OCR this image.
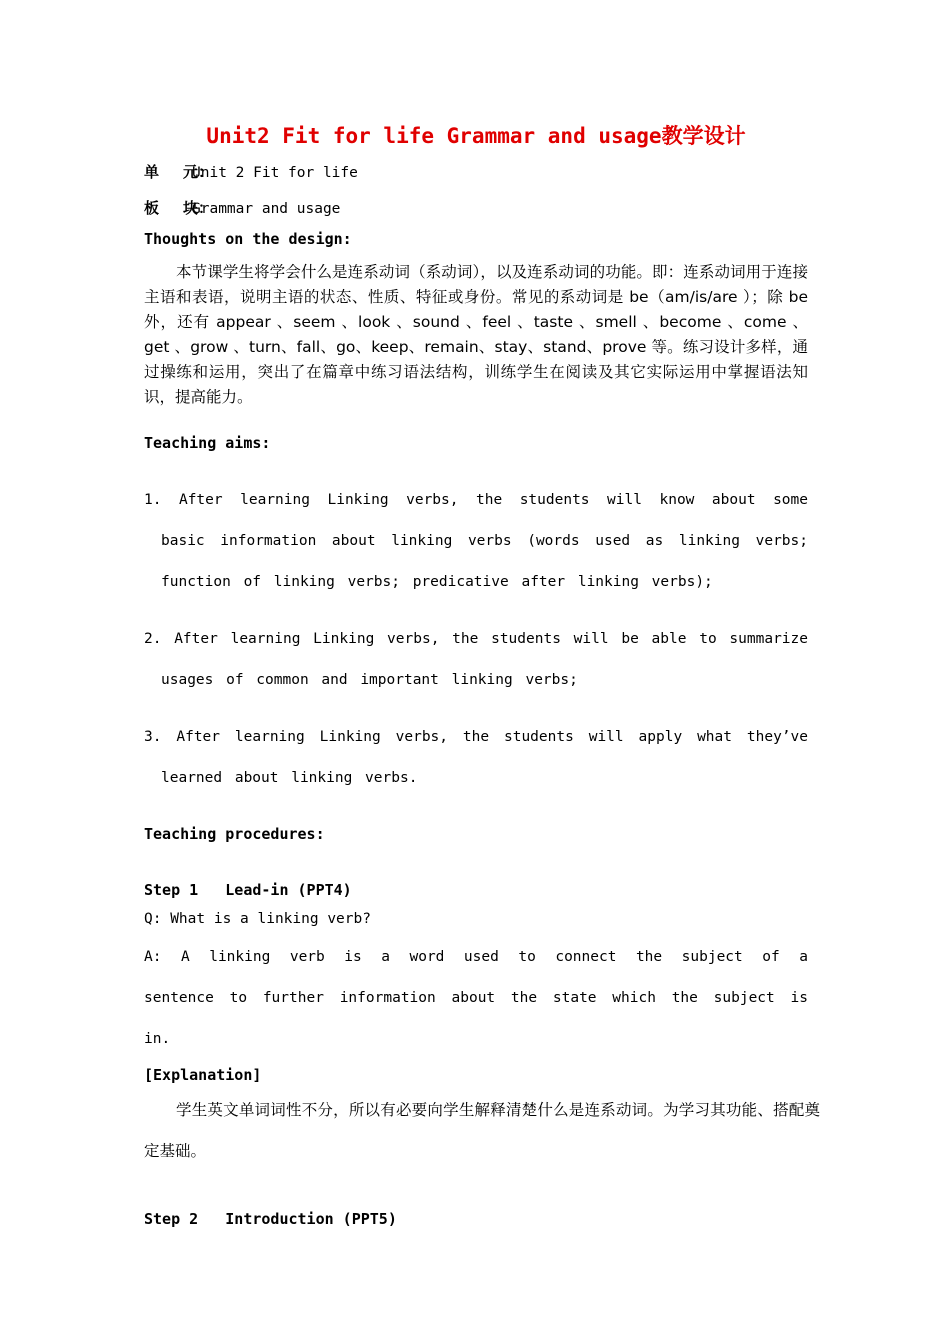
Unit2 Fit for life Grammar and usage教学设计
单　 元：Unit 2 Fit for life
板　 块：Grammar and usage
Thoughts on the design:

本节课学生将学会什么是连系动词（系动词），以及连系动词的功能。即：连系动词用于连接主语和表语，说明主语的状态、性质、特征或身份。常见的系动词是 be（am/is/are ）；除 be 外，还有 appear 、seem 、look 、sound 、feel 、taste 、smell 、become 、come 、get 、grow 、turn、fall、go、keep、remain、stay、stand、prove 等。练习设计多样，通过操练和运用，突出了在篇章中练习语法结构，训练学生在阅读及其它实际运用中掌握语法知识，提高能力。

Teaching aims:

1. After learning Linking verbs, the students will know about some basic information about linking verbs (words used as linking verbs; function of linking verbs; predicative after linking verbs);

2. After learning Linking verbs, the students will be able to summarize usages of common and important linking verbs;

3. After learning Linking verbs, the students will apply what they’ve learned about linking verbs.

Teaching procedures:
Step 1   Lead-in (PPT4)

Q: What is a linking verb?

A: A linking verb is a word used to connect the subject of a sentence to further information about the state which the subject is in.

[Explanation]

学生英文单词词性不分，所以有必要向学生解释清楚什么是连系动词。为学习其功能、搭配奠定基础。

Step 2   Introduction (PPT5)
